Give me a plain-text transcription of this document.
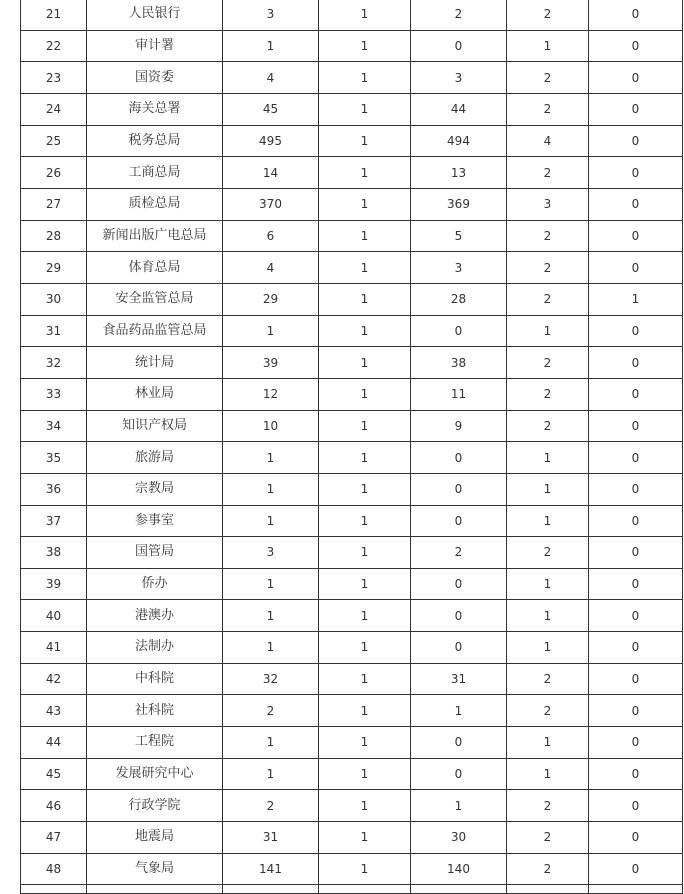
21	人民银行	3	1	2	2	0
22	审计署	1	1	0	1	0
23	国资委	4	1	3	2	0
24	海关总署	45	1	44	2	0
25	税务总局	495	1	494	4	0
26	工商总局	14	1	13	2	0
27	质检总局	370	1	369	3	0
28	新闻出版广电总局	6	1	5	2	0
29	体育总局	4	1	3	2	0
30	安全监管总局	29	1	28	2	1
31	食品药品监管总局	1	1	0	1	0
32	统计局	39	1	38	2	0
33	林业局	12	1	11	2	0
34	知识产权局	10	1	9	2	0
35	旅游局	1	1	0	1	0
36	宗教局	1	1	0	1	0
37	参事室	1	1	0	1	0
38	国管局	3	1	2	2	0
39	侨办	1	1	0	1	0
40	港澳办	1	1	0	1	0
41	法制办	1	1	0	1	0
42	中科院	32	1	31	2	0
43	社科院	2	1	1	2	0
44	工程院	1	1	0	1	0
45	发展研究中心	1	1	0	1	0
46	行政学院	2	1	1	2	0
47	地震局	31	1	30	2	0
48	气象局	141	1	140	2	0
